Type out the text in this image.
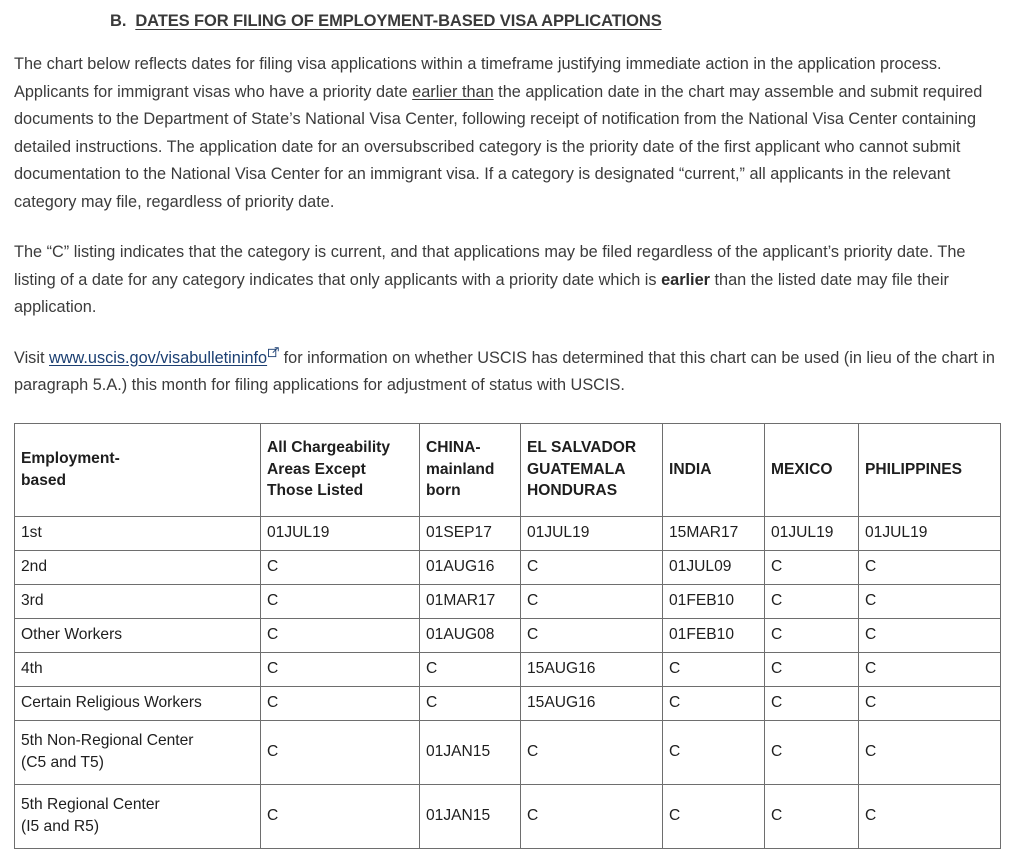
B. DATES FOR FILING OF EMPLOYMENT-BASED VISA APPLICATIONS

The chart below reflects dates for filing visa applications within a timeframe justifying immediate action in the application process. Applicants for immigrant visas who have a priority date earlier than the application date in the chart may assemble and submit required documents to the Department of State’s National Visa Center, following receipt of notification from the National Visa Center containing detailed instructions. The application date for an oversubscribed category is the priority date of the first applicant who cannot submit documentation to the National Visa Center for an immigrant visa. If a category is designated “current,” all applicants in the relevant category may file, regardless of priority date.

The “C” listing indicates that the category is current, and that applications may be filed regardless of the applicant’s priority date. The listing of a date for any category indicates that only applicants with a priority date which is earlier than the listed date may file their application.

Visit www.uscis.gov/visabulletininfo
for information on whether USCIS has determined that this chart can be used (in lieu of the chart in paragraph 5.A.) this month for filing applications for adjustment of status with USCIS.

Employment-
based	All Chargeability
Areas Except
Those Listed	CHINA-
mainland
born	EL SALVADOR
GUATEMALA
HONDURAS	INDIA	MEXICO	PHILIPPINES

1st	01JUL19	01SEP17	01JUL19	15MAR17	01JUL19	01JUL19

2nd	C	01AUG16	C	01JUL09	C	C

3rd	C	01MAR17	C	01FEB10	C	C

Other Workers	C	01AUG08	C	01FEB10	C	C

4th	C	C	15AUG16	C	C	C

Certain Religious Workers	C	C	15AUG16	C	C	C

5th Non-Regional Center
(C5 and T5)	C	01JAN15	C	C	C	C

5th Regional Center
(I5 and R5)	C	01JAN15	C	C	C	C
